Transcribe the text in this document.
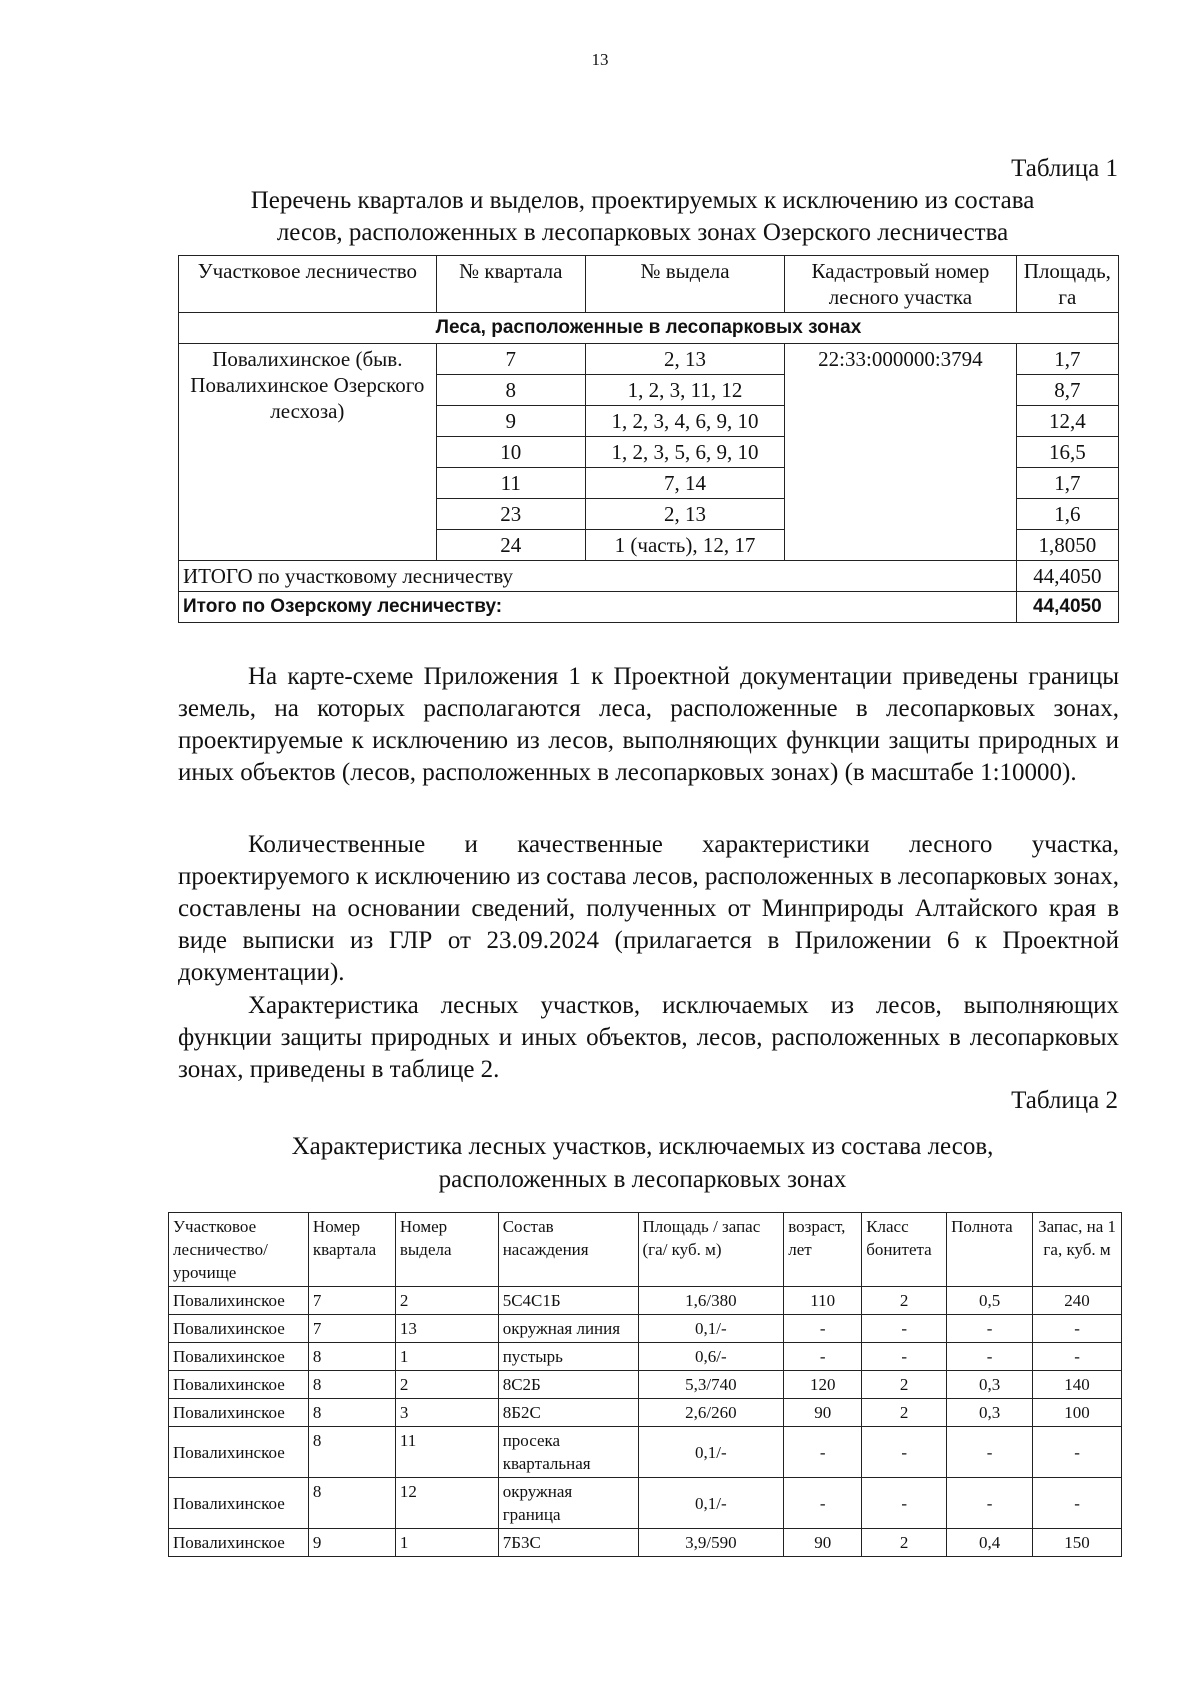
13
Таблица 1
Перечень кварталов и выделов, проектируемых к исключению из состава
лесов, расположенных в лесопарковых зонах Озерского лесничества
Участковое лесничество	№ квартала	№ выдела	Кадастровый номер лесного участка	Площадь, га
Леса, расположенные в лесопарковых зонах				
Повалихинское (быв. Повалихинское Озерского лесхоза)	7	2, 13	22:33:000000:3794	1,7
	8	1, 2, 3, 11, 12		8,7
	9	1, 2, 3, 4, 6, 9, 10		12,4
	10	1, 2, 3, 5, 6, 9, 10		16,5
	11	7, 14		1,7
	23	2, 13		1,6
	24	1 (часть), 12, 17		1,8050
ИТОГО по участковому лесничеству				44,4050
Итого по Озерскому лесничеству:				44,4050

На карте-схеме Приложения 1 к Проектной документации приведены границы земель, на которых располагаются леса, расположенные в лесопарковых зонах, проектируемые к исключению из лесов, выполняющих функции защиты природных и иных объектов (лесов, расположенных в лесопарковых зонах) (в масштабе 1:10000).

Количественные и качественные характеристики лесного участка, проектируемого к исключению из состава лесов, расположенных в лесопарковых зонах, составлены на основании сведений, полученных от Минприроды Алтайского края в виде выписки из ГЛР от 23.09.2024 (прилагается в Приложении 6 к Проектной документации).

Характеристика лесных участков, исключаемых из лесов, выполняющих функции защиты природных и иных объектов, лесов, расположенных в лесопарковых зонах, приведены в таблице 2.

Таблица 2
Характеристика лесных участков, исключаемых из состава лесов,
расположенных в лесопарковых зонах
Участковое лесничество/ урочище	Номер квартала	Номер выдела	Состав насаждения	Площадь / запас (га/ куб. м)	возраст, лет	Класс бонитета	Полнота	Запас, на 1 га, куб. м
Повалихинское	7	2	5С4С1Б	1,6/380	110	2	0,5	240
Повалихинское	7	13	окружная линия	0,1/-	-	-	-	-
Повалихинское	8	1	пустырь	0,6/-	-	-	-	-
Повалихинское	8	2	8С2Б	5,3/740	120	2	0,3	140
Повалихинское	8	3	8Б2С	2,6/260	90	2	0,3	100
Повалихинское	8	11	просека квартальная	0,1/-	-	-	-	-
Повалихинское	8	12	окружная граница	0,1/-	-	-	-	-
Повалихинское	9	1	7Б3С	3,9/590	90	2	0,4	150
